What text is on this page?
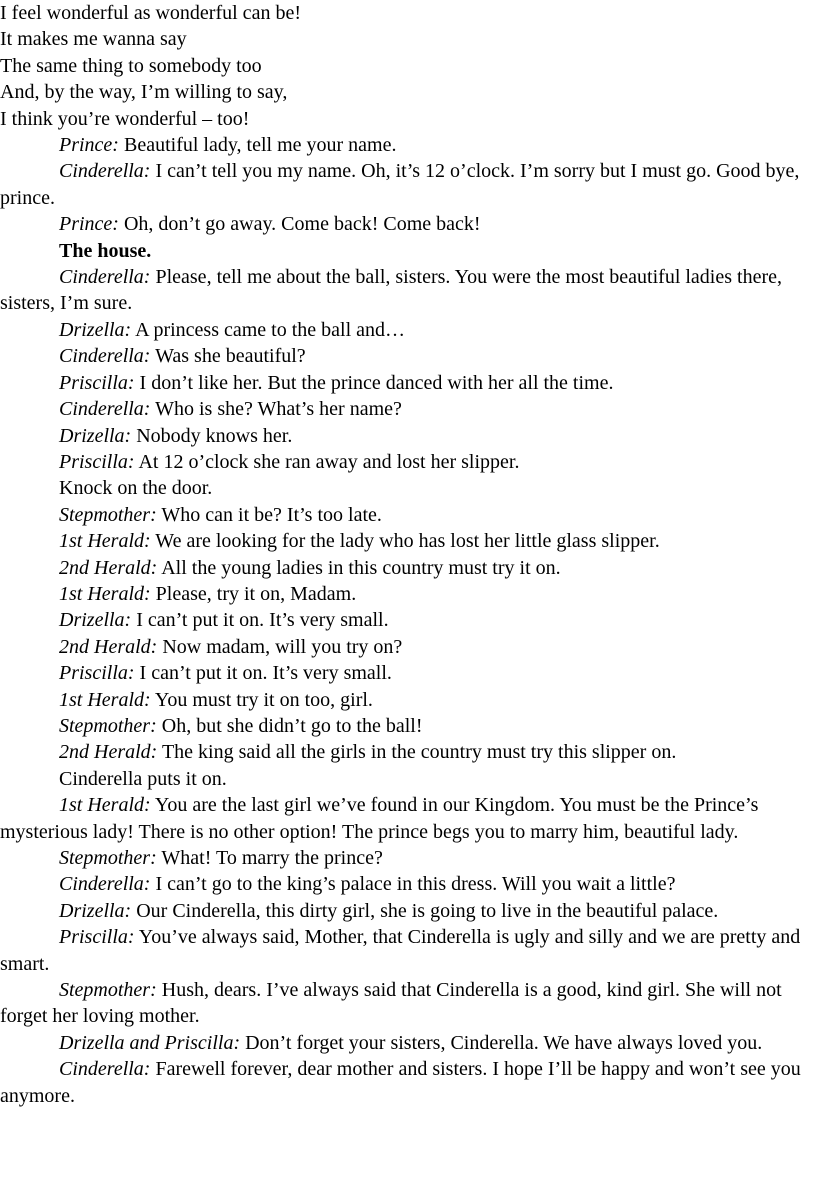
I feel wonderful as wonderful can be!

It makes me wanna say

The same thing to somebody too

And, by the way, I’m willing to say,

I think you’re wonderful – too!

Prince: Beautiful lady, tell me your name.

Cinderella: I can’t tell you my name. Oh, it’s 12 o’clock. I’m sorry but I must go. Good bye, prince.

Prince: Oh, don’t go away. Come back! Come back!

The house.

Cinderella: Please, tell me about the ball, sisters. You were the most beautiful ladies there, sisters, I’m sure.

Drizella: A princess came to the ball and…

Cinderella: Was she beautiful?

Priscilla: I don’t like her. But the prince danced with her all the time.

Cinderella: Who is she? What’s her name?

Drizella: Nobody knows her.

Priscilla: At 12 o’clock she ran away and lost her slipper.

Knock on the door.

Stepmother: Who can it be? It’s too late.

1st Herald: We are looking for the lady who has lost her little glass slipper.

2nd Herald: All the young ladies in this country must try it on.

1st Herald: Please, try it on, Madam.

Drizella: I can’t put it on. It’s very small.

2nd Herald: Now madam, will you try on?

Priscilla: I can’t put it on. It’s very small.

1st Herald: You must try it on too, girl.

Stepmother: Oh, but she didn’t go to the ball!

2nd Herald: The king said all the girls in the country must try this slipper on.

Cinderella puts it on.

1st Herald: You are the last girl we’ve found in our Kingdom. You must be the Prince’s mysterious lady! There is no other option! The prince begs you to marry him, beautiful lady.

Stepmother: What! To marry the prince?

Cinderella: I can’t go to the king’s palace in this dress. Will you wait a little?

Drizella: Our Cinderella, this dirty girl, she is going to live in the beautiful palace.

Priscilla: You’ve always said, Mother, that Cinderella is ugly and silly and we are pretty and smart.

Stepmother: Hush, dears. I’ve always said that Cinderella is a good, kind girl. She will not forget her loving mother.

Drizella and Priscilla: Don’t forget your sisters, Cinderella. We have always loved you.

Cinderella: Farewell forever, dear mother and sisters. I hope I’ll be happy and won’t see you anymore.
